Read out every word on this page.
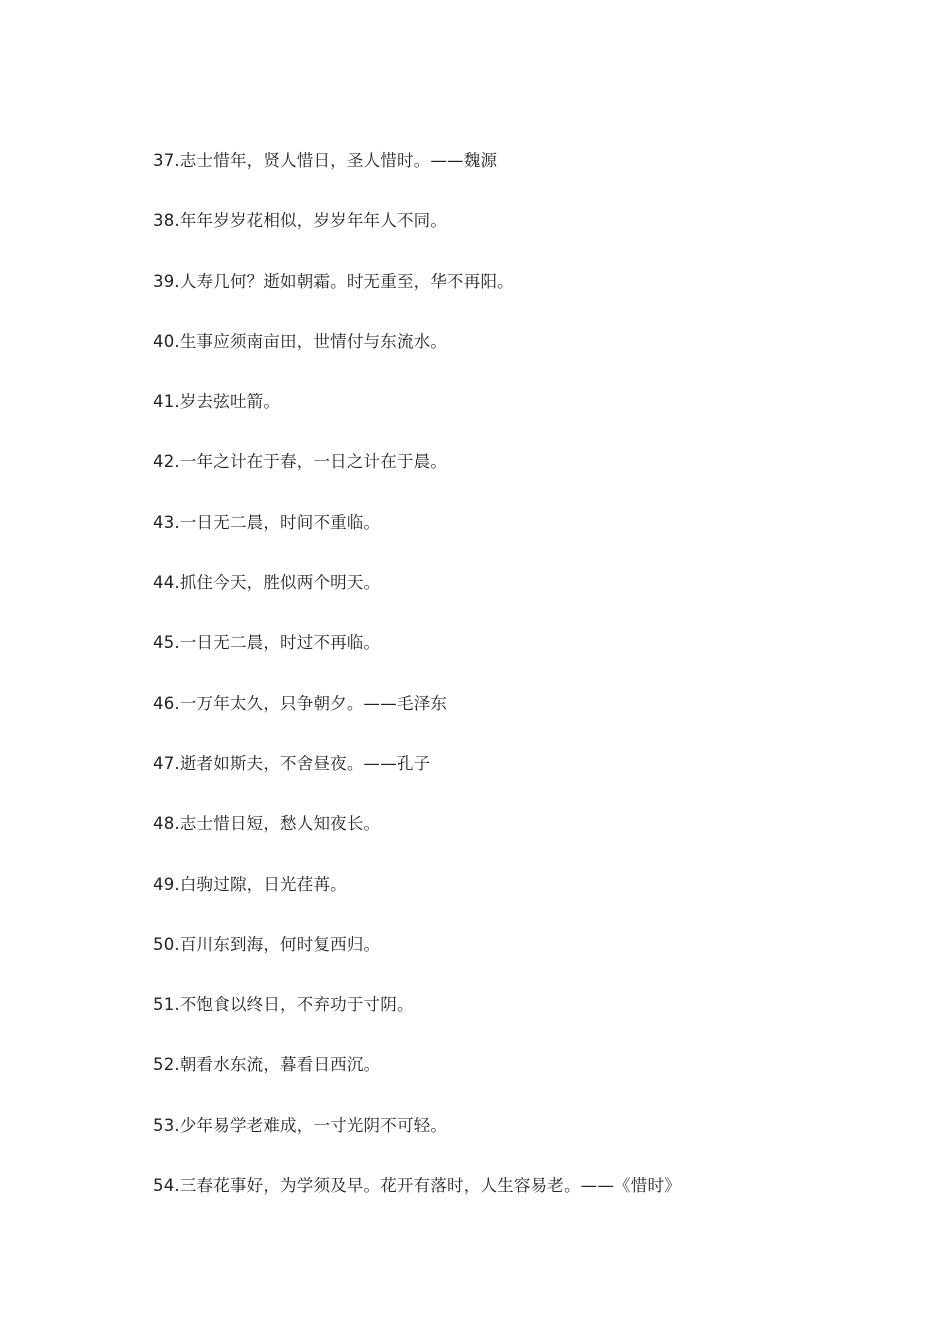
37.志士惜年，贤人惜日，圣人惜时。——魏源
38.年年岁岁花相似，岁岁年年人不同。
39.人寿几何？逝如朝霜。时无重至，华不再阳。
40.生事应须南亩田，世情付与东流水。
41.岁去弦吐箭。
42.一年之计在于春，一日之计在于晨。
43.一日无二晨，时间不重临。
44.抓住今天，胜似两个明天。
45.一日无二晨，时过不再临。
46.一万年太久，只争朝夕。——毛泽东
47.逝者如斯夫，不舍昼夜。——孔子
48.志士惜日短，愁人知夜长。
49.白驹过隙，日光荏苒。
50.百川东到海，何时复西归。
51.不饱食以终日，不弃功于寸阴。
52.朝看水东流，暮看日西沉。
53.少年易学老难成，一寸光阴不可轻。
54.三春花事好，为学须及早。花开有落时，人生容易老。——《惜时》
